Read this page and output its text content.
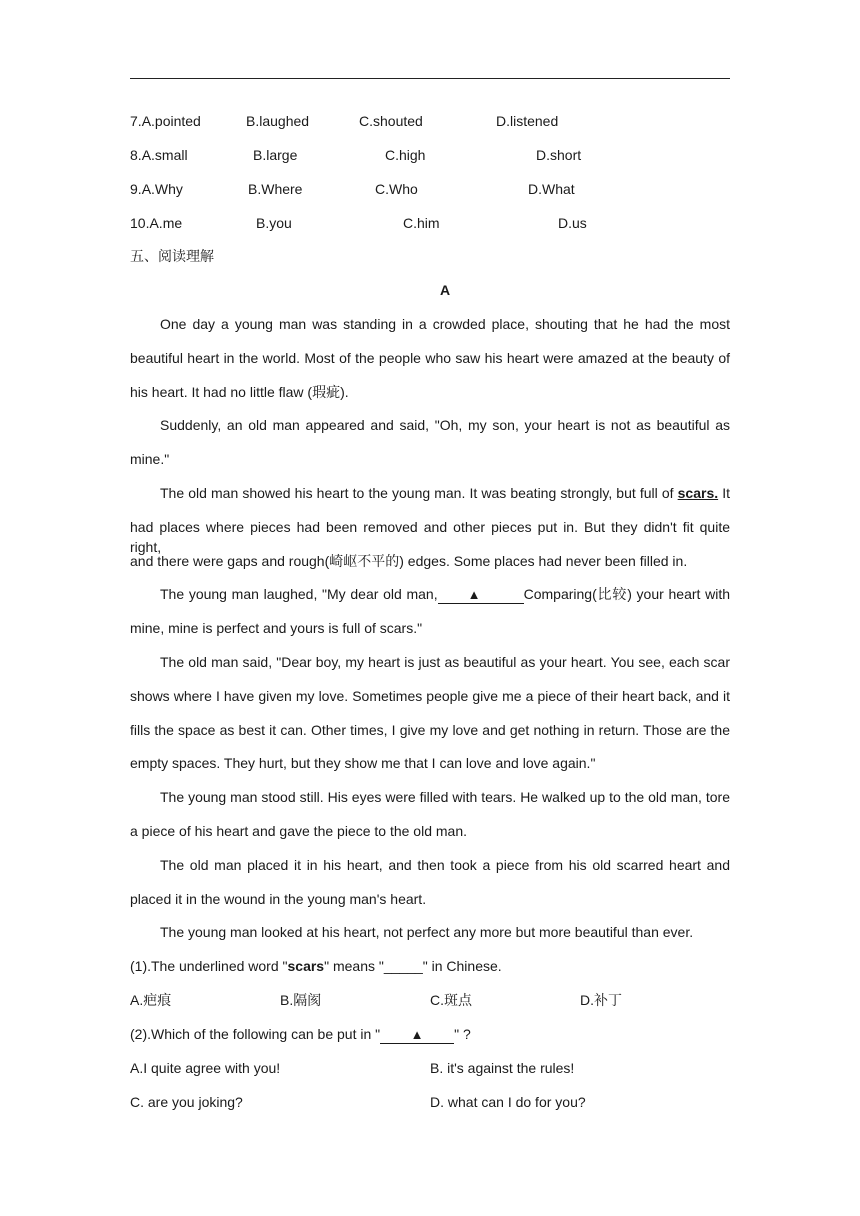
7.A.pointed	B.laughed	C.shouted	D.listened
8.A.small	B.large	C.high	D.short
9.A.Why	B.Where	C.Who	D.What
10.A.me	B.you	C.him	D.us
五、阅读理解
A
One day a young man was standing in a crowded place, shouting that he had the most
beautiful heart in the world. Most of the people who saw his heart were amazed at the beauty of
his heart. It had no little flaw (瑕疵).
Suddenly, an old man appeared and said, "Oh, my son, your heart is not as beautiful as
mine."
The old man showed his heart to the young man. It was beating strongly, but full of scars. It
had places where pieces had been removed and other pieces put in. But they didn't fit quite right,
and there were gaps and rough(崎岖不平的) edges. Some places had never been filled in.
The young man laughed, "My dear old man, ▲	Comparing(比较) your heart with
mine, mine is perfect and yours is full of scars."
The old man said, "Dear boy, my heart is just as beautiful as your heart. You see, each scar
shows where I have given my love. Sometimes people give me a piece of their heart back, and it
fills the space as best it can. Other times, I give my love and get nothing in return. Those are the
empty spaces. They hurt, but they show me that I can love and love again."
The young man stood still. His eyes were filled with tears. He walked up to the old man, tore
a piece of his heart and gave the piece to the old man.
The old man placed it in his heart, and then took a piece from his old scarred heart and
placed it in the wound in the young man's heart.
The young man looked at his heart, not perfect any more but more beautiful than ever.
(1).The underlined word "scars" means "_____" in Chinese.
A.疤痕	B.隔阂	C.斑点	D.补丁
(2).Which of the following can be put in " ▲ " ?
A.I quite agree with you!	B. it's against the rules!
C. are you joking?	D. what can I do for you?
